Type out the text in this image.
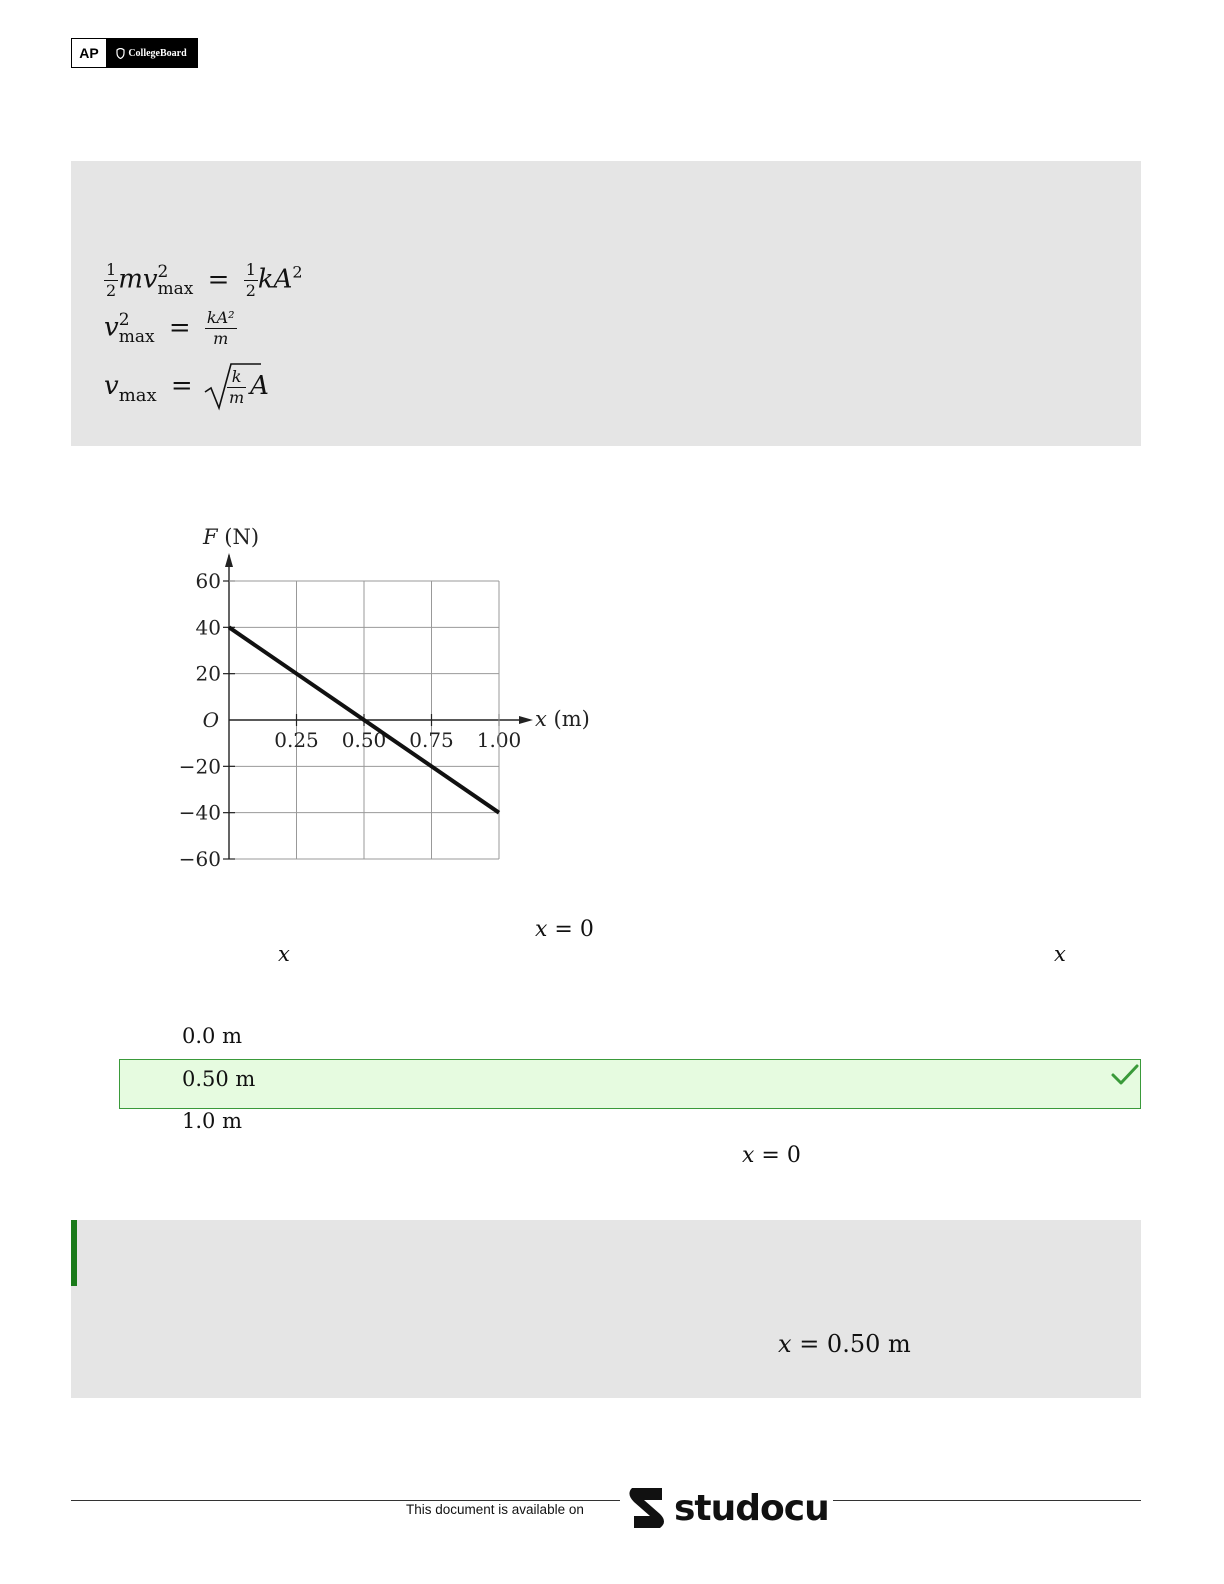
AP	CollegeBoard
$\frac{1}{2}$ mv 2
$\max = \frac{1}{2} kA^2$
v 2
$\max = \frac{\text{kA²}}{m}$
$v_{max} = \frac{k}{m}$ A
60
40
20
−20
−40
−60
0.25 0.50 0.75 1.00
O
F (N)
x (m)
x = 0
x	x
0.0 m
0.50 m
1.0 m
x = 0
x = 0.50 m
This document is available on	studocu
